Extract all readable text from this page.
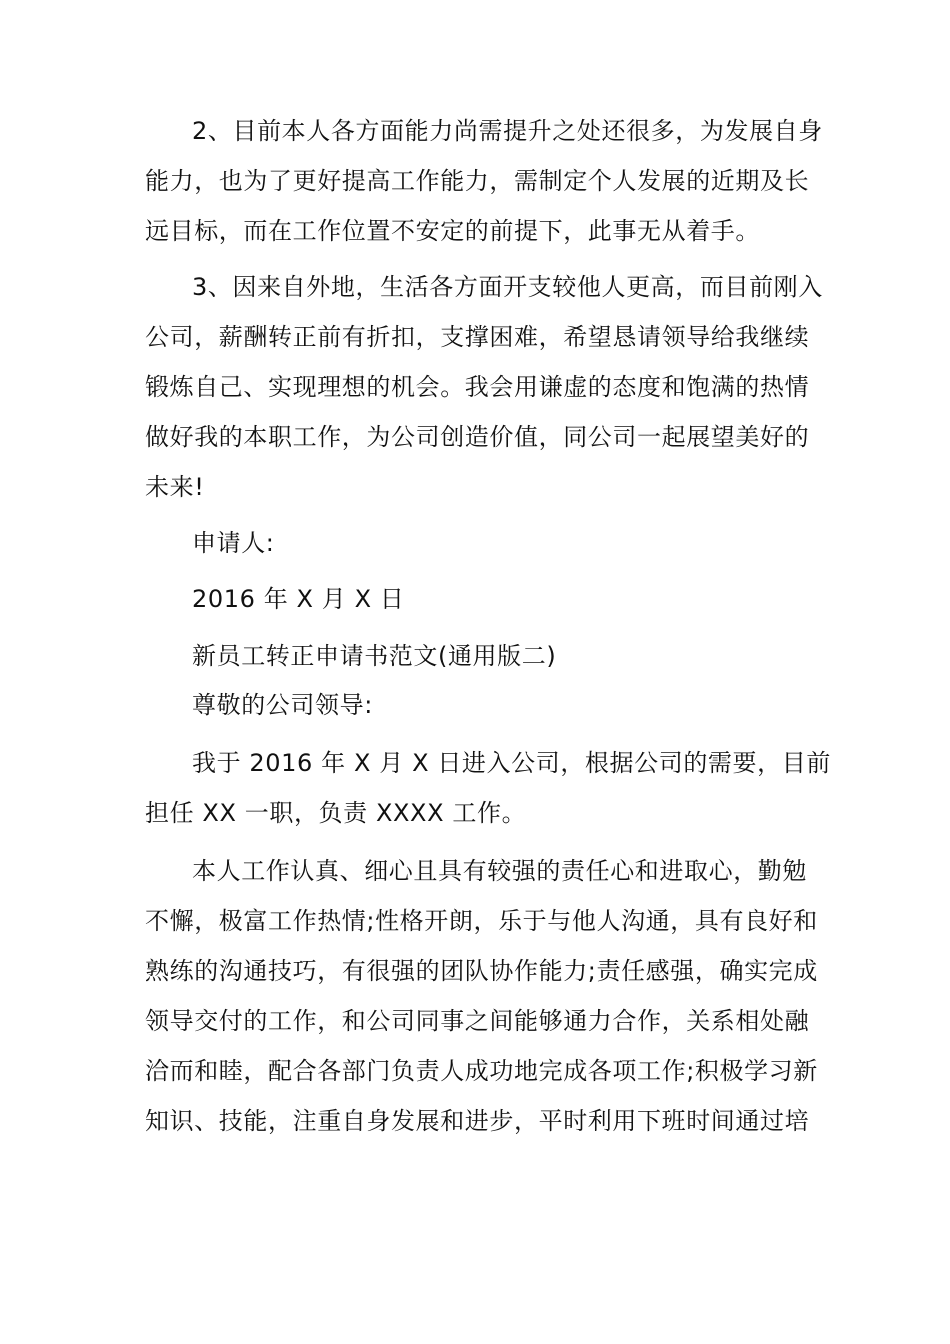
2、目前本人各方面能力尚需提升之处还很多，为发展自身
能力，也为了更好提高工作能力，需制定个人发展的近期及长
远目标，而在工作位置不安定的前提下，此事无从着手。
3、因来自外地，生活各方面开支较他人更高，而目前刚入
公司，薪酬转正前有折扣，支撑困难，希望恳请领导给我继续
锻炼自己、实现理想的机会。我会用谦虚的态度和饱满的热情
做好我的本职工作，为公司创造价值，同公司一起展望美好的
未来!
申请人:
2016 年 X 月 X 日
新员工转正申请书范文(通用版二)
尊敬的公司领导:
我于 2016 年 X 月 X 日进入公司，根据公司的需要，目前
担任 XX 一职，负责 XXXX 工作。
本人工作认真、细心且具有较强的责任心和进取心，勤勉
不懈，极富工作热情;性格开朗，乐于与他人沟通，具有良好和
熟练的沟通技巧，有很强的团队协作能力;责任感强，确实完成
领导交付的工作，和公司同事之间能够通力合作，关系相处融
洽而和睦，配合各部门负责人成功地完成各项工作;积极学习新
知识、技能，注重自身发展和进步，平时利用下班时间通过培
